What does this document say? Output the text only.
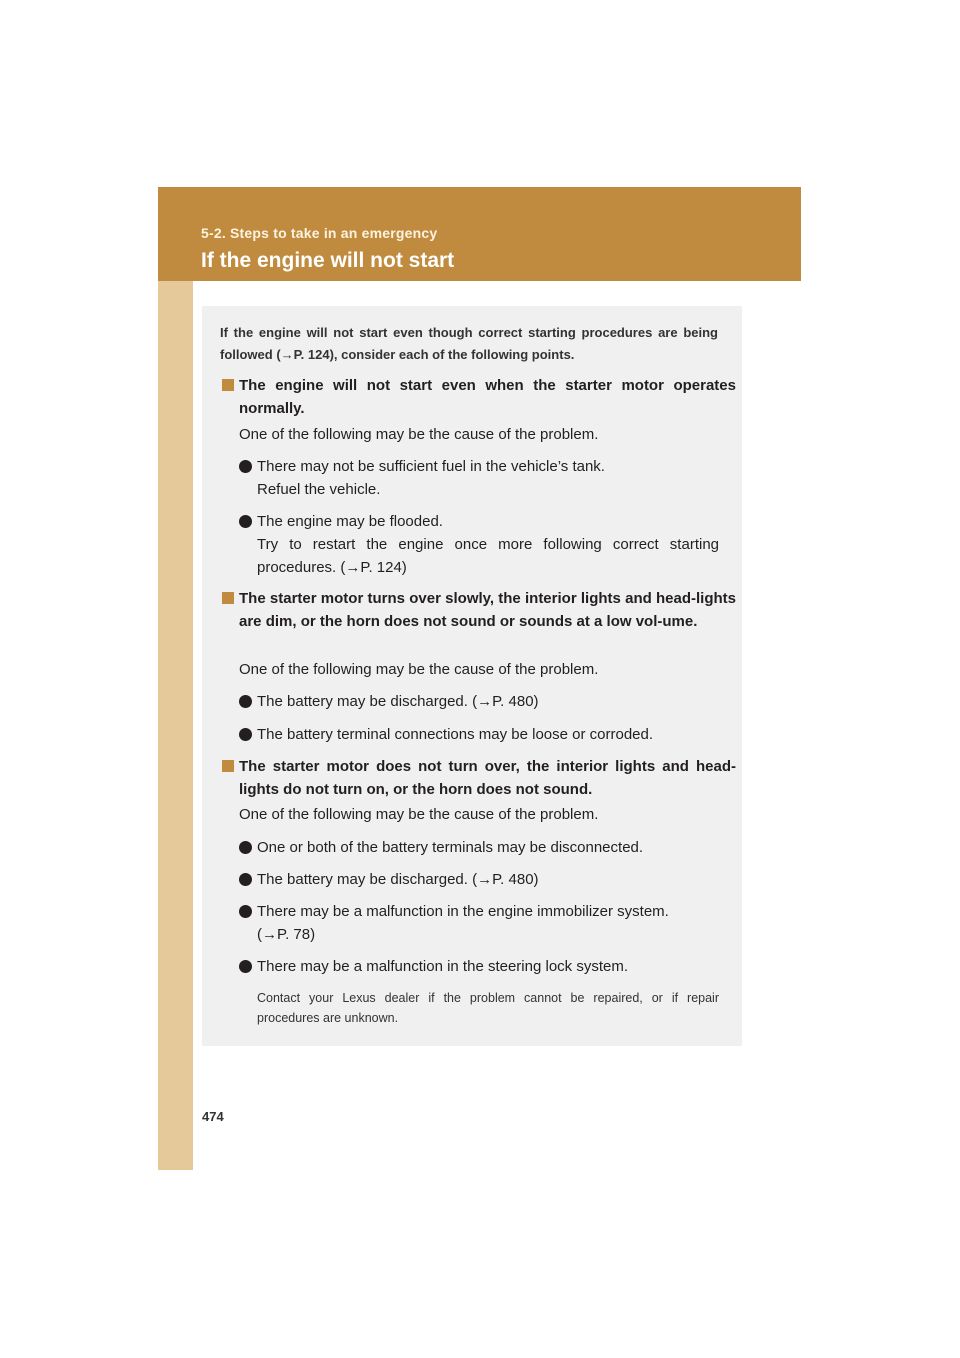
5-2. Steps to take in an emergency
If the engine will not start
If the engine will not start even though correct starting procedures are being followed (→P. 124), consider each of the following points.
The engine will not start even when the starter motor operates normally.
One of the following may be the cause of the problem.
There may not be sufficient fuel in the vehicle’s tank.
Refuel the vehicle.
The engine may be flooded.
Try to restart the engine once more following correct starting procedures. (→P. 124)
The starter motor turns over slowly, the interior lights and head-lights are dim, or the horn does not sound or sounds at a low vol-ume.
One of the following may be the cause of the problem.
The battery may be discharged. (→P. 480)
The battery terminal connections may be loose or corroded.
The starter motor does not turn over, the interior lights and head-lights do not turn on, or the horn does not sound.
One of the following may be the cause of the problem.
One or both of the battery terminals may be disconnected.
The battery may be discharged. (→P. 480)
There may be a malfunction in the engine immobilizer system.
(→P. 78)
There may be a malfunction in the steering lock system.
Contact your Lexus dealer if the problem cannot be repaired, or if repair procedures are unknown.
474
